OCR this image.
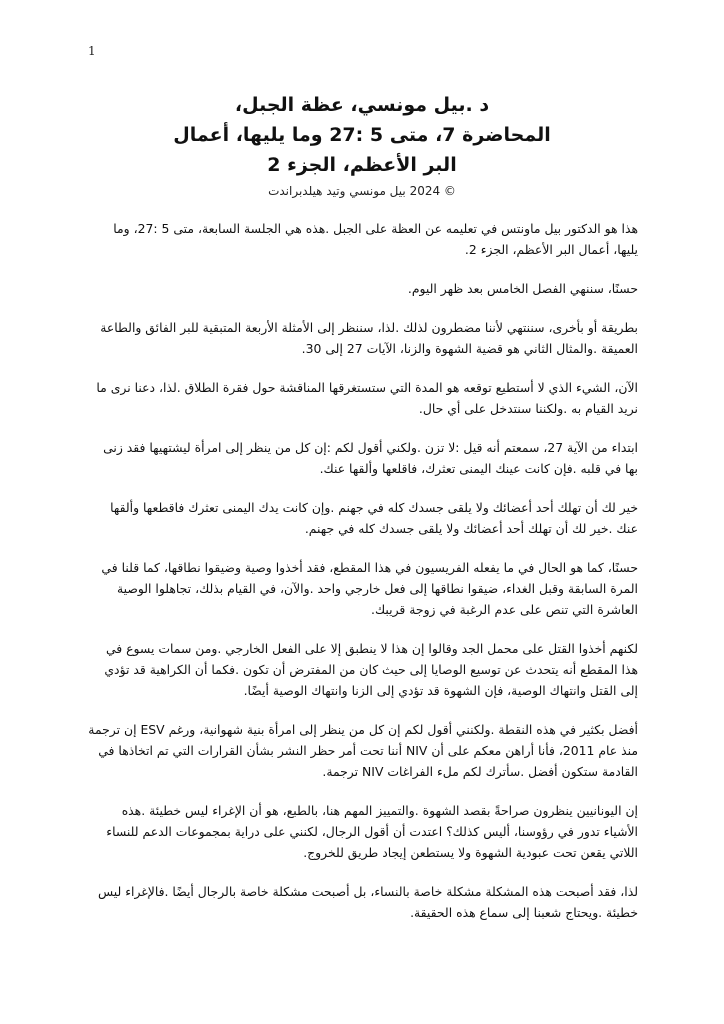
1

د .بيل مونسي، عظة الجبل،

المحاضرة 7، متى 5 :27 وما يليها، أعمال

البر الأعظم، الجزء 2

© 2024 بيل مونسي وتيد هيلدبراندت

هذا هو الدكتور بيل ماونتس في تعليمه عن العظة على الجبل .هذه هي الجلسة السابعة، متى 5 :27، وما يليها، أعمال البر الأعظم، الجزء 2.

حسنًا، سننهي الفصل الخامس بعد ظهر اليوم.

بطريقة أو بأخرى، سننتهي لأننا مضطرون لذلك .لذا، سننظر إلى الأمثلة الأربعة المتبقية للبر الفائق والطاعة العميقة .والمثال الثاني هو قضية الشهوة والزنا، الآيات 27 إلى 30.

الآن، الشيء الذي لا أستطيع توقعه هو المدة التي ستستغرقها المناقشة حول فقرة الطلاق .لذا، دعنا نرى ما نريد القيام به .ولكننا سنتدخل على أي حال.

ابتداء من الآية 27، سمعتم أنه قيل :لا تزن .ولكني أقول لكم :إن كل من ينظر إلى امرأة ليشتهيها فقد زنى بها في قلبه .فإن كانت عينك اليمنى تعثرك، فاقلعها وألقها عنك.

خير لك أن تهلك أحد أعضائك ولا يلقى جسدك كله في جهنم .وإن كانت يدك اليمنى تعثرك فاقطعها وألقها عنك .خير لك أن تهلك أحد أعضائك ولا يلقى جسدك كله في جهنم.

حسنًا، كما هو الحال في ما يفعله الفريسيون في هذا المقطع، فقد أخذوا وصية وضيقوا نطاقها، كما قلنا في المرة السابقة وقبل الغداء، ضيقوا نطاقها إلى فعل خارجي واحد .والآن، في القيام بذلك، تجاهلوا الوصية العاشرة التي تنص على عدم الرغبة في زوجة قريبك.

لكنهم أخذوا القتل على محمل الجد وقالوا إن هذا لا ينطبق إلا على الفعل الخارجي .ومن سمات يسوع في هذا المقطع أنه يتحدث عن توسيع الوصايا إلى حيث كان من المفترض أن تكون .فكما أن الكراهية قد تؤدي إلى القتل وانتهاك الوصية، فإن الشهوة قد تؤدي إلى الزنا وانتهاك الوصية أيضًا.

أفضل بكثير في هذه النقطة .ولكنني أقول لكم إن كل من ينظر إلى امرأة بنية شهوانية، ورغم ESV إن ترجمة منذ عام 2011، فأنا أراهن معكم على أن NIV أننا تحت أمر حظر النشر بشأن القرارات التي تم اتخاذها في القادمة ستكون أفضل .سأترك لكم ملء الفراغات NIV ترجمة.

إن اليونانيين ينظرون صراحةً بقصد الشهوة .والتمييز المهم هنا، بالطبع، هو أن الإغراء ليس خطيئة .هذه الأشياء تدور في رؤوسنا، أليس كذلك؟ اعتدت أن أقول الرجال، لكنني على دراية بمجموعات الدعم للنساء اللاتي يقعن تحت عبودية الشهوة ولا يستطعن إيجاد طريق للخروج.

لذا، فقد أصبحت هذه المشكلة مشكلة خاصة بالنساء، بل أصبحت مشكلة خاصة بالرجال أيضًا .فالإغراء ليس خطيئة .ويحتاج شعبنا إلى سماع هذه الحقيقة.
